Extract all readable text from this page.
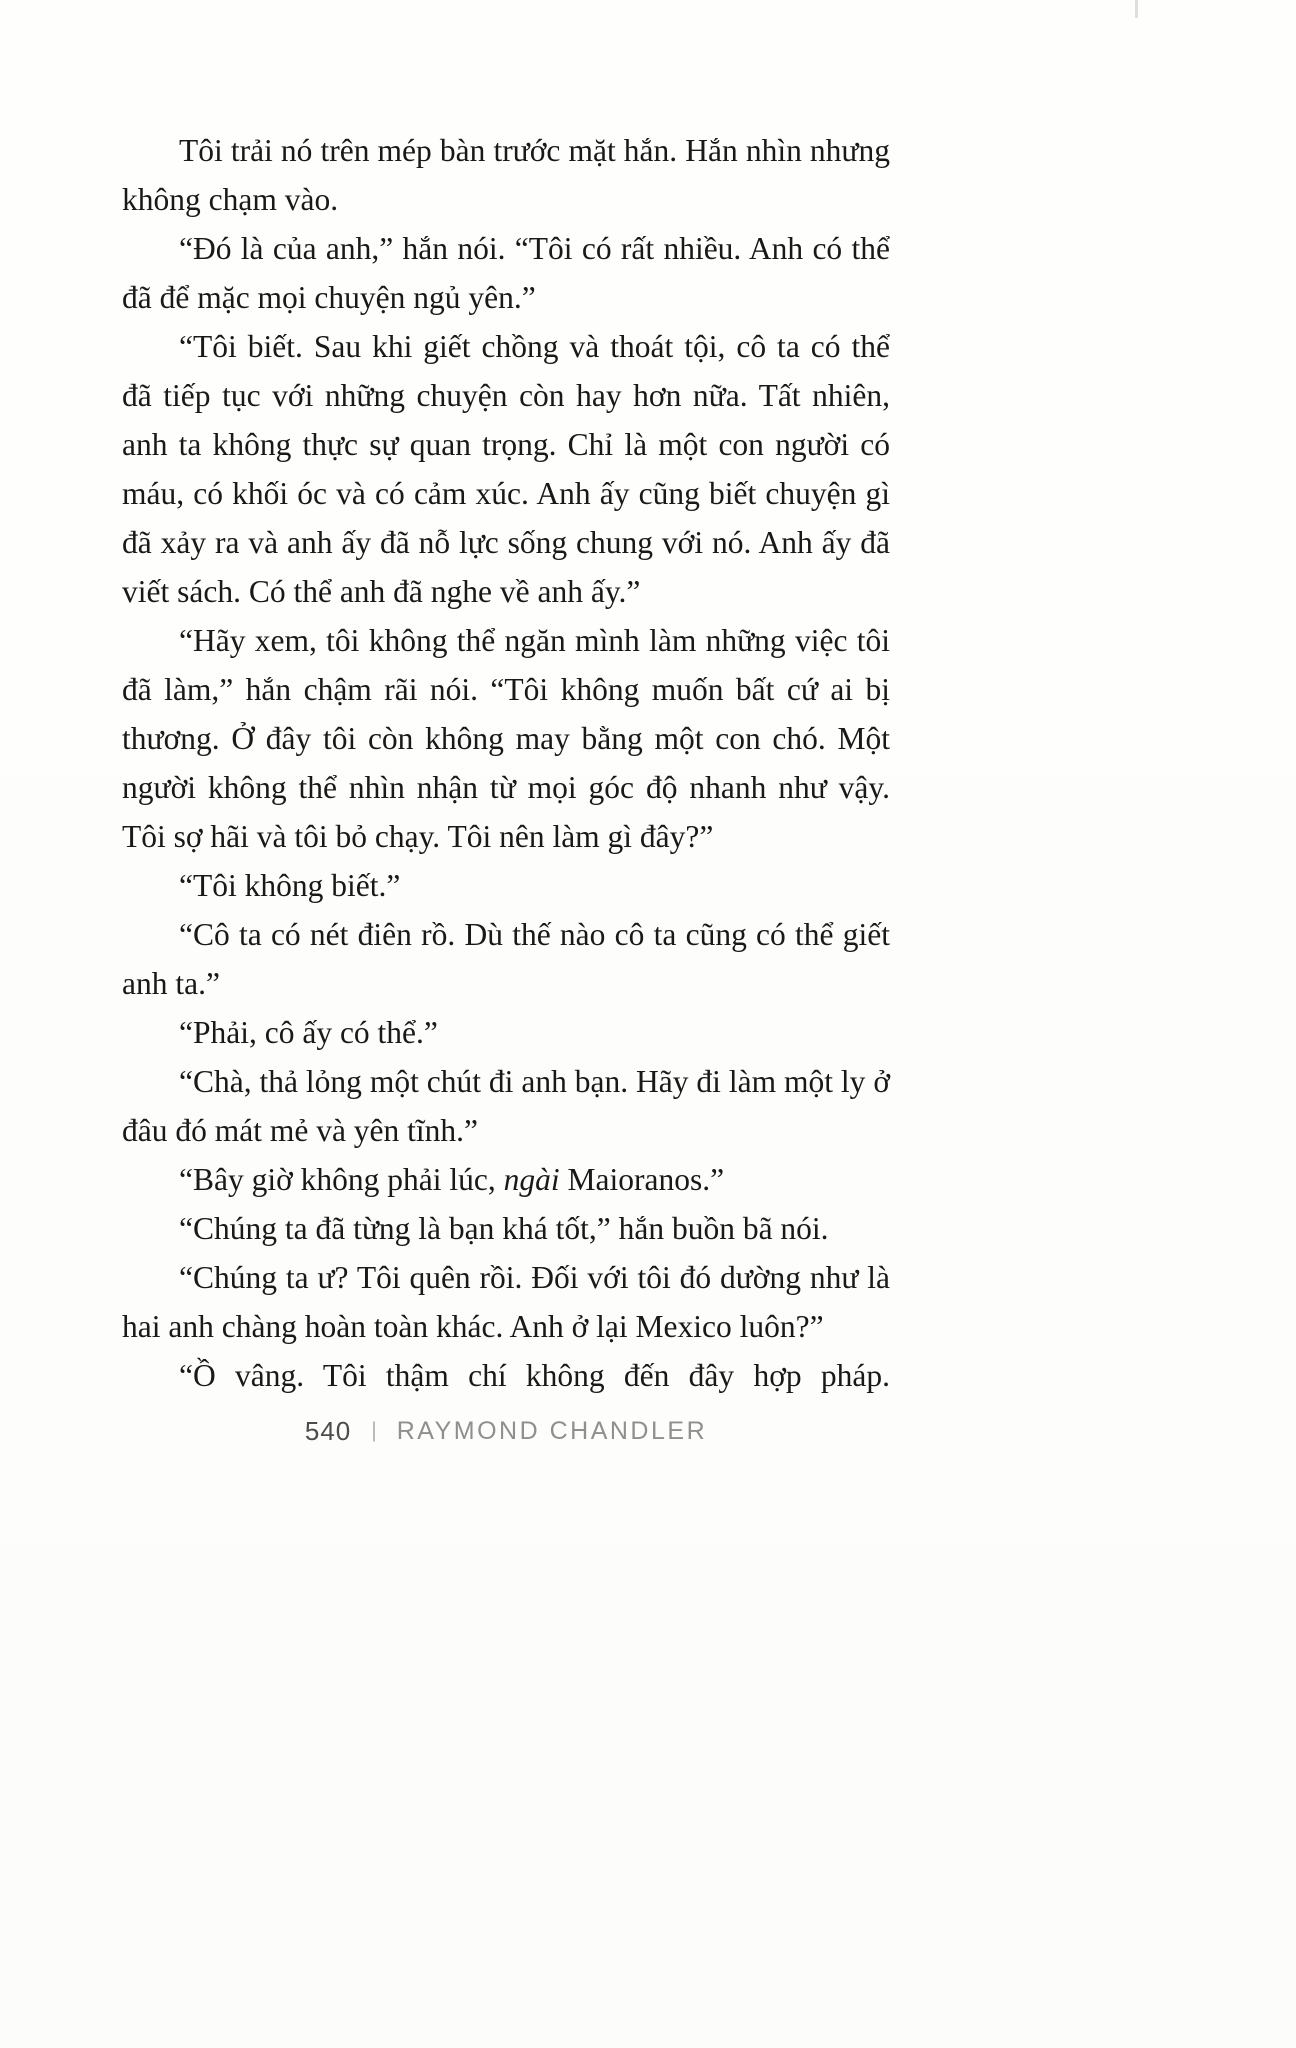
Tôi trải nó trên mép bàn trước mặt hắn. Hắn nhìn nhưng không chạm vào.

“Đó là của anh,” hắn nói. “Tôi có rất nhiều. Anh có thể đã để mặc mọi chuyện ngủ yên.”

“Tôi biết. Sau khi giết chồng và thoát tội, cô ta có thể đã tiếp tục với những chuyện còn hay hơn nữa. Tất nhiên, anh ta không thực sự quan trọng. Chỉ là một con người có máu, có khối óc và có cảm xúc. Anh ấy cũng biết chuyện gì đã xảy ra và anh ấy đã nỗ lực sống chung với nó. Anh ấy đã viết sách. Có thể anh đã nghe về anh ấy.”

“Hãy xem, tôi không thể ngăn mình làm những việc tôi đã làm,” hắn chậm rãi nói. “Tôi không muốn bất cứ ai bị thương. Ở đây tôi còn không may bằng một con chó. Một người không thể nhìn nhận từ mọi góc độ nhanh như vậy. Tôi sợ hãi và tôi bỏ chạy. Tôi nên làm gì đây?”

“Tôi không biết.”

“Cô ta có nét điên rồ. Dù thế nào cô ta cũng có thể giết anh ta.”

“Phải, cô ấy có thể.”

“Chà, thả lỏng một chút đi anh bạn. Hãy đi làm một ly ở đâu đó mát mẻ và yên tĩnh.”

“Bây giờ không phải lúc, ngài Maioranos.”

“Chúng ta đã từng là bạn khá tốt,” hắn buồn bã nói.

“Chúng ta ư? Tôi quên rồi. Đối với tôi đó dường như là hai anh chàng hoàn toàn khác. Anh ở lại Mexico luôn?”

“Ồ vâng. Tôi thậm chí không đến đây hợp pháp.

540 | RAYMOND CHANDLER
